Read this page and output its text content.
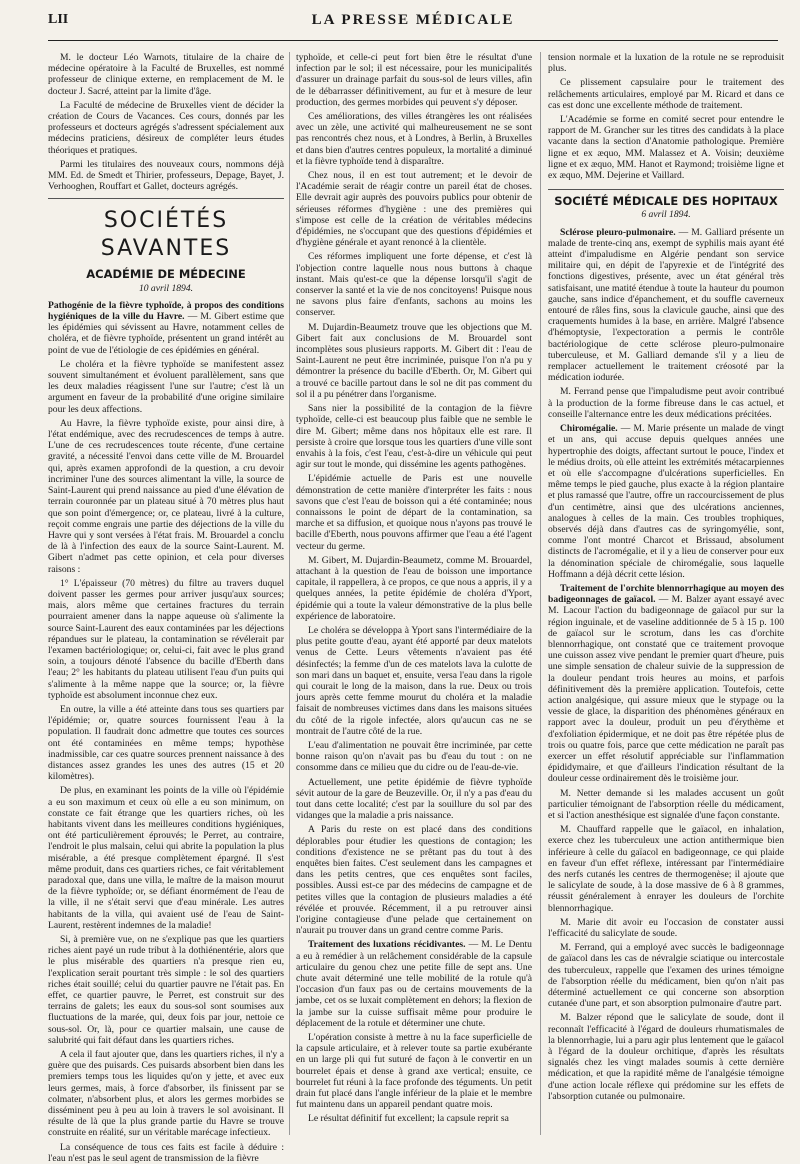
LII	LA PRESSE MÉDICALE

M. le docteur Léo Warnots, titulaire de la chaire de médecine opératoire à la Faculté de Bruxelles, est nommé professeur de clinique externe, en remplacement de M. le docteur J. Sacré, atteint par la limite d'âge.

La Faculté de médecine de Bruxelles vient de décider la création de Cours de Vacances. Ces cours, donnés par les professeurs et docteurs agrégés s'adressent spécialement aux médecins praticiens, désireux de compléter leurs études théoriques et pratiques.

Parmi les titulaires des nouveaux cours, nommons déjà MM. Ed. de Smedt et Thirier, professeurs, Depage, Bayet, J. Verhooghen, Rouffart et Gallet, docteurs agrégés.

SOCIÉTÉS SAVANTES
ACADÉMIE DE MÉDECINE
10 avril 1894.

Pathogénie de la fièvre typhoïde, à propos des conditions hygiéniques de la ville du Havre. — M. Gibert estime que les épidémies qui sévissent au Havre, notamment celles de choléra, et de fièvre typhoïde, présentent un grand intérêt au point de vue de l'étiologie de ces épidémies en général.

Le choléra et la fièvre typhoïde se manifestent assez souvent simultanément et évoluent parallèlement, sans que les deux maladies réagissent l'une sur l'autre; c'est là un argument en faveur de la probabilité d'une origine similaire pour les deux affections.

Au Havre, la fièvre typhoïde existe, pour ainsi dire, à l'état endémique, avec des recrudescences de temps à autre. L'une de ces recrudescences toute récente, d'une certaine gravité, a nécessité l'envoi dans cette ville de M. Brouardel qui, après examen approfondi de la question, a cru devoir incriminer l'une des sources alimentant la ville, la source de Saint-Laurent qui prend naissance au pied d'une élévation de terrain couronnée par un plateau situé à 70 mètres plus haut que son point d'émergence; or, ce plateau, livré à la culture, reçoit comme engrais une partie des déjections de la ville du Havre qui y sont versées à l'état frais. M. Brouardel a conclu de là à l'infection des eaux de la source Saint-Laurent. M. Gibert n'admet pas cette opinion, et cela pour diverses raisons :

1° L'épaisseur (70 mètres) du filtre au travers duquel doivent passer les germes pour arriver jusqu'aux sources; mais, alors même que certaines fractures du terrain pourraient amener dans la nappe aqueuse où s'alimente la source Saint-Laurent des eaux contaminées par les déjections répandues sur le plateau, la contamination se révélerait par l'examen bactériologique; or, celui-ci, fait avec le plus grand soin, a toujours dénoté l'absence du bacille d'Eberth dans l'eau; 2° les habitants du plateau utilisent l'eau d'un puits qui s'alimente à la même nappe que la source; or, la fièvre typhoïde est absolument inconnue chez eux.

En outre, la ville a été atteinte dans tous ses quartiers par l'épidémie; or, quatre sources fournissent l'eau à la population. Il faudrait donc admettre que toutes ces sources ont été contaminées en même temps; hypothèse inadmissible, car ces quatre sources prennent naissance à des distances assez grandes les unes des autres (15 et 20 kilomètres).

De plus, en examinant les points de la ville où l'épidémie a eu son maximum et ceux où elle a eu son minimum, on constate ce fait étrange que les quartiers riches, où les habitants vivent dans les meilleures conditions hygiéniques, ont été particulièrement éprouvés; le Perret, au contraire, l'endroit le plus malsain, celui qui abrite la population la plus misérable, a été presque complètement épargné. Il s'est même produit, dans ces quartiers riches, ce fait véritablement paradoxal que, dans une villa, le maître de la maison mourut de la fièvre typhoïde; or, se défiant énormément de l'eau de la ville, il ne s'était servi que d'eau minérale. Les autres habitants de la villa, qui avaient usé de l'eau de Saint-Laurent, restèrent indemnes de la maladie!

Si, à première vue, on ne s'explique pas que les quartiers riches aient payé un rude tribut à la dothiénentérie, alors que le plus misérable des quartiers n'a presque rien eu, l'explication serait pourtant très simple : le sol des quartiers riches était souillé; celui du quartier pauvre ne l'était pas. En effet, ce quartier pauvre, le Perret, est construit sur des terrains de galets; les eaux du sous-sol sont soumises aux fluctuations de la marée, qui, deux fois par jour, nettoie ce sous-sol. Or, là, pour ce quartier malsain, une cause de salubrité qui fait défaut dans les quartiers riches.

A cela il faut ajouter que, dans les quartiers riches, il n'y a guère que des puisards. Ces puisards absorbent bien dans les premiers temps tous les liquides qu'on y jette, et avec eux leurs germes, mais, à force d'absorber, ils finissent par se colmater, n'absorbent plus, et alors les germes morbides se disséminent peu à peu au loin à travers le sol avoisinant. Il résulte de là que la plus grande partie du Havre se trouve construite en réalité, sur un véritable marécage infectieux.

La conséquence de tous ces faits est facile à déduire : l'eau n'est pas le seul agent de transmission de la fièvre

typhoïde, et celle-ci peut fort bien être le résultat d'une infection par le sol; il est nécessaire, pour les municipalités d'assurer un drainage parfait du sous-sol de leurs villes, afin de le débarrasser définitivement, au fur et à mesure de leur production, des germes morbides qui peuvent s'y déposer.

Ces améliorations, des villes étrangères les ont réalisées avec un zèle, une activité qui malheureusement ne se sont pas rencontrés chez nous, et à Londres, à Berlin, à Bruxelles et dans bien d'autres centres populeux, la mortalité a diminué et la fièvre typhoïde tend à disparaître.

Chez nous, il en est tout autrement; et le devoir de l'Académie serait de réagir contre un pareil état de choses. Elle devrait agir auprès des pouvoirs publics pour obtenir de sérieuses réformes d'hygiène : une des premières qui s'impose est celle de la création de véritables médecins d'épidémies, ne s'occupant que des questions d'épidémies et d'hygiène générale et ayant renoncé à la clientèle.

Ces réformes impliquent une forte dépense, et c'est là l'objection contre laquelle nous nous buttons à chaque instant. Mais qu'est-ce que la dépense lorsqu'il s'agit de conserver la santé et la vie de nos concitoyens! Puisque nous ne savons plus faire d'enfants, sachons au moins les conserver.

M. Dujardin-Beaumetz trouve que les objections que M. Gibert fait aux conclusions de M. Brouardel sont incomplètes sous plusieurs rapports. M. Gibert dit : l'eau de Saint-Laurent ne peut être incriminée, puisque l'on n'a pu y démontrer la présence du bacille d'Eberth. Or, M. Gibert qui a trouvé ce bacille partout dans le sol ne dit pas comment du sol il a pu pénétrer dans l'organisme.

Sans nier la possibilité de la contagion de la fièvre typhoïde, celle-ci est beaucoup plus faible que ne semble le dire M. Gibert; même dans nos hôpitaux elle est rare. Il persiste à croire que lorsque tous les quartiers d'une ville sont envahis à la fois, c'est l'eau, c'est-à-dire un véhicule qui peut agir sur tout le monde, qui dissémine les agents pathogènes.

L'épidémie actuelle de Paris est une nouvelle démonstration de cette manière d'interpréter les faits : nous savons que c'est l'eau de boisson qui a été contaminée; nous connaissons le point de départ de la contamination, sa marche et sa diffusion, et quoique nous n'ayons pas trouvé le bacille d'Eberth, nous pouvons affirmer que l'eau a été l'agent vecteur du germe.

M. Gibert, M. Dujardin-Beaumetz, comme M. Brouardel, attachant à la question de l'eau de boisson une importance capitale, il rappellera, à ce propos, ce que nous a appris, il y a quelques années, la petite épidémie de choléra d'Yport, épidémie qui a toute la valeur démonstrative de la plus belle expérience de laboratoire.

Le choléra se développa à Yport sans l'intermédiaire de la plus petite goutte d'eau, ayant été apporté par deux matelots venus de Cette. Leurs vêtements n'avaient pas été désinfectés; la femme d'un de ces matelots lava la culotte de son mari dans un baquet et, ensuite, versa l'eau dans la rigole qui courait le long de la maison, dans la rue. Deux ou trois jours après cette femme mourut du choléra et la maladie faisait de nombreuses victimes dans dans les maisons situées du côté de la rigole infectée, alors qu'aucun cas ne se montrait de l'autre côté de la rue.

L'eau d'alimentation ne pouvait être incriminée, par cette bonne raison qu'on n'avait pas bu d'eau du tout : on ne consomme dans ce milieu que du cidre ou de l'eau-de-vie.

Actuellement, une petite épidémie de fièvre typhoïde sévit autour de la gare de Beuzeville. Or, il n'y a pas d'eau du tout dans cette localité; c'est par la souillure du sol par des vidanges que la maladie a pris naissance.

A Paris du reste on est placé dans des conditions déplorables pour étudier les questions de contagion; les conditions d'existence ne se prêtant pas du tout à des enquêtes bien faites. C'est seulement dans les campagnes et dans les petits centres, que ces enquêtes sont faciles, possibles. Aussi est-ce par des médecins de campagne et de petites villes que la contagion de plusieurs maladies a été révélée et prouvée. Récemment, il a pu retrouver ainsi l'origine contagieuse d'une pelade que certainement on n'aurait pu trouver dans un grand centre comme Paris.

Traitement des luxations récidivantes. — M. Le Dentu a eu à remédier à un relâchement considérable de la capsule articulaire du genou chez une petite fille de sept ans. Une chute avait déterminé une telle mobilité de la rotule qu'à l'occasion d'un faux pas ou de certains mouvements de la jambe, cet os se luxait complètement en dehors; la flexion de la jambe sur la cuisse suffisait même pour produire le déplacement de la rotule et déterminer une chute.

L'opération consiste à mettre à nu la face superficielle de la capsule articulaire, et à relever toute sa partie exubérante en un large pli qui fut suturé de façon à le convertir en un bourrelet épais et dense à grand axe vertical; ensuite, ce bourrelet fut réuni à la face profonde des téguments. Un petit drain fut placé dans l'angle inférieur de la plaie et le membre fut maintenu dans un appareil pendant quatre mois.

Le résultat définitif fut excellent; la capsule reprit sa

tension normale et la luxation de la rotule ne se reproduisit plus.

Ce plissement capsulaire pour le traitement des relâchements articulaires, employé par M. Ricard et dans ce cas est donc une excellente méthode de traitement.

L'Académie se forme en comité secret pour entendre le rapport de M. Grancher sur les titres des candidats à la place vacante dans la section d'Anatomie pathologique. Première ligne et ex æquo, MM. Malassez et A. Voisin; deuxième ligne et ex æquo, MM. Hanot et Raymond; troisième ligne et ex æquo, MM. Dejerine et Vaillard.

SOCIÉTÉ MÉDICALE DES HOPITAUX
6 avril 1894.

Sclérose pleuro-pulmonaire. — M. Galliard présente un malade de trente-cinq ans, exempt de syphilis mais ayant été atteint d'impaludisme en Algérie pendant son service militaire qui, en dépit de l'apyrexie et de l'intégrité des fonctions digestives, présente, avec un état général très satisfaisant, une matité étendue à toute la hauteur du poumon gauche, sans indice d'épanchement, et du souffle caverneux entouré de râles fins, sous la clavicule gauche, ainsi que des craquements humides à la base, en arrière. Malgré l'absence d'hémoptysie, l'expectoration a permis le contrôle bactériologique de cette sclérose pleuro-pulmonaire tuberculeuse, et M. Galliard demande s'il y a lieu de remplacer actuellement le traitement créosoté par la médication iodurée.

M. Ferrand pense que l'impaludisme peut avoir contribué à la production de la forme fibreuse dans le cas actuel, et conseille l'alternance entre les deux médications précitées.

Chiromégalie. — M. Marie présente un malade de vingt et un ans, qui accuse depuis quelques années une hypertrophie des doigts, affectant surtout le pouce, l'index et le médius droits, où elle atteint les extrémités métacarpiennes et où elle s'accompagne d'ulcérations superficielles. En même temps le pied gauche, plus exacte à la région plantaire et plus ramassé que l'autre, offre un raccourcissement de plus d'un centimètre, ainsi que des ulcérations anciennes, analogues à celles de la main. Ces troubles trophiques, observés déjà dans d'autres cas de syringomyélie, sont, comme l'ont montré Charcot et Brissaud, absolument distincts de l'acromégalie, et il y a lieu de conserver pour eux la dénomination spéciale de chiromégalie, sous laquelle Hoffmann a déjà décrit cette lésion.

Traitement de l'orchite blennorrhagique au moyen des badigeonnages de gaïacol. — M. Balzer ayant essayé avec M. Lacour l'action du badigeonnage de gaïacol pur sur la région inguinale, et de vaseline additionnée de 5 à 15 p. 100 de gaïacol sur le scrotum, dans les cas d'orchite blennorrhagique, ont constaté que ce traitement provoque une cuisson assez vive pendant le premier quart d'heure, puis une simple sensation de chaleur suivie de la suppression de la douleur pendant trois heures au moins, et parfois définitivement dès la première application. Toutefois, cette action analgésique, qui assure mieux que le stypage ou la vessie de glace, la disparition des phénomènes généraux en rapport avec la douleur, produit un peu d'érythème et d'exfoliation épidermique, et ne doit pas être répétée plus de trois ou quatre fois, parce que cette médication ne paraît pas exercer un effet résolutif appréciable sur l'inflammation épididymaire, et que d'ailleurs l'indication résultant de la douleur cesse ordinairement dès le troisième jour.

M. Netter demande si les malades accusent un goût particulier témoignant de l'absorption réelle du médicament, et si l'action anesthésique est signalée d'une façon constante.

M. Chauffard rappelle que le gaïacol, en inhalation, exerce chez les tuberculeux une action antithermique bien inférieure à celle du gaïacol en badigeonnage, ce qui plaide en faveur d'un effet réflexe, intéressant par l'intermédiaire des nerfs cutanés les centres de thermogenèse; il ajoute que le salicylate de soude, à la dose massive de 6 à 8 grammes, réussit généralement à enrayer les douleurs de l'orchite blennorrhagique.

M. Marie dit avoir eu l'occasion de constater aussi l'efficacité du salicylate de soude.

M. Ferrand, qui a employé avec succès le badigeonnage de gaïacol dans les cas de névralgie sciatique ou intercostale des tuberculeux, rappelle que l'examen des urines témoigne de l'absorption réelle du médicament, bien qu'on n'ait pas déterminé actuellement ce qui concerne son absorption cutanée d'une part, et son absorption pulmonaire d'autre part.

M. Balzer répond que le salicylate de soude, dont il reconnaît l'efficacité à l'égard de douleurs rhumatismales de la blennorrhagie, lui a paru agir plus lentement que le gaïacol à l'égard de la douleur orchitique, d'après les résultats signalés chez les vingt malades soumis à cette dernière médication, et que la rapidité même de l'analgésie témoigne d'une action locale réflexe qui prédomine sur les effets de l'absorption cutanée ou pulmonaire.
